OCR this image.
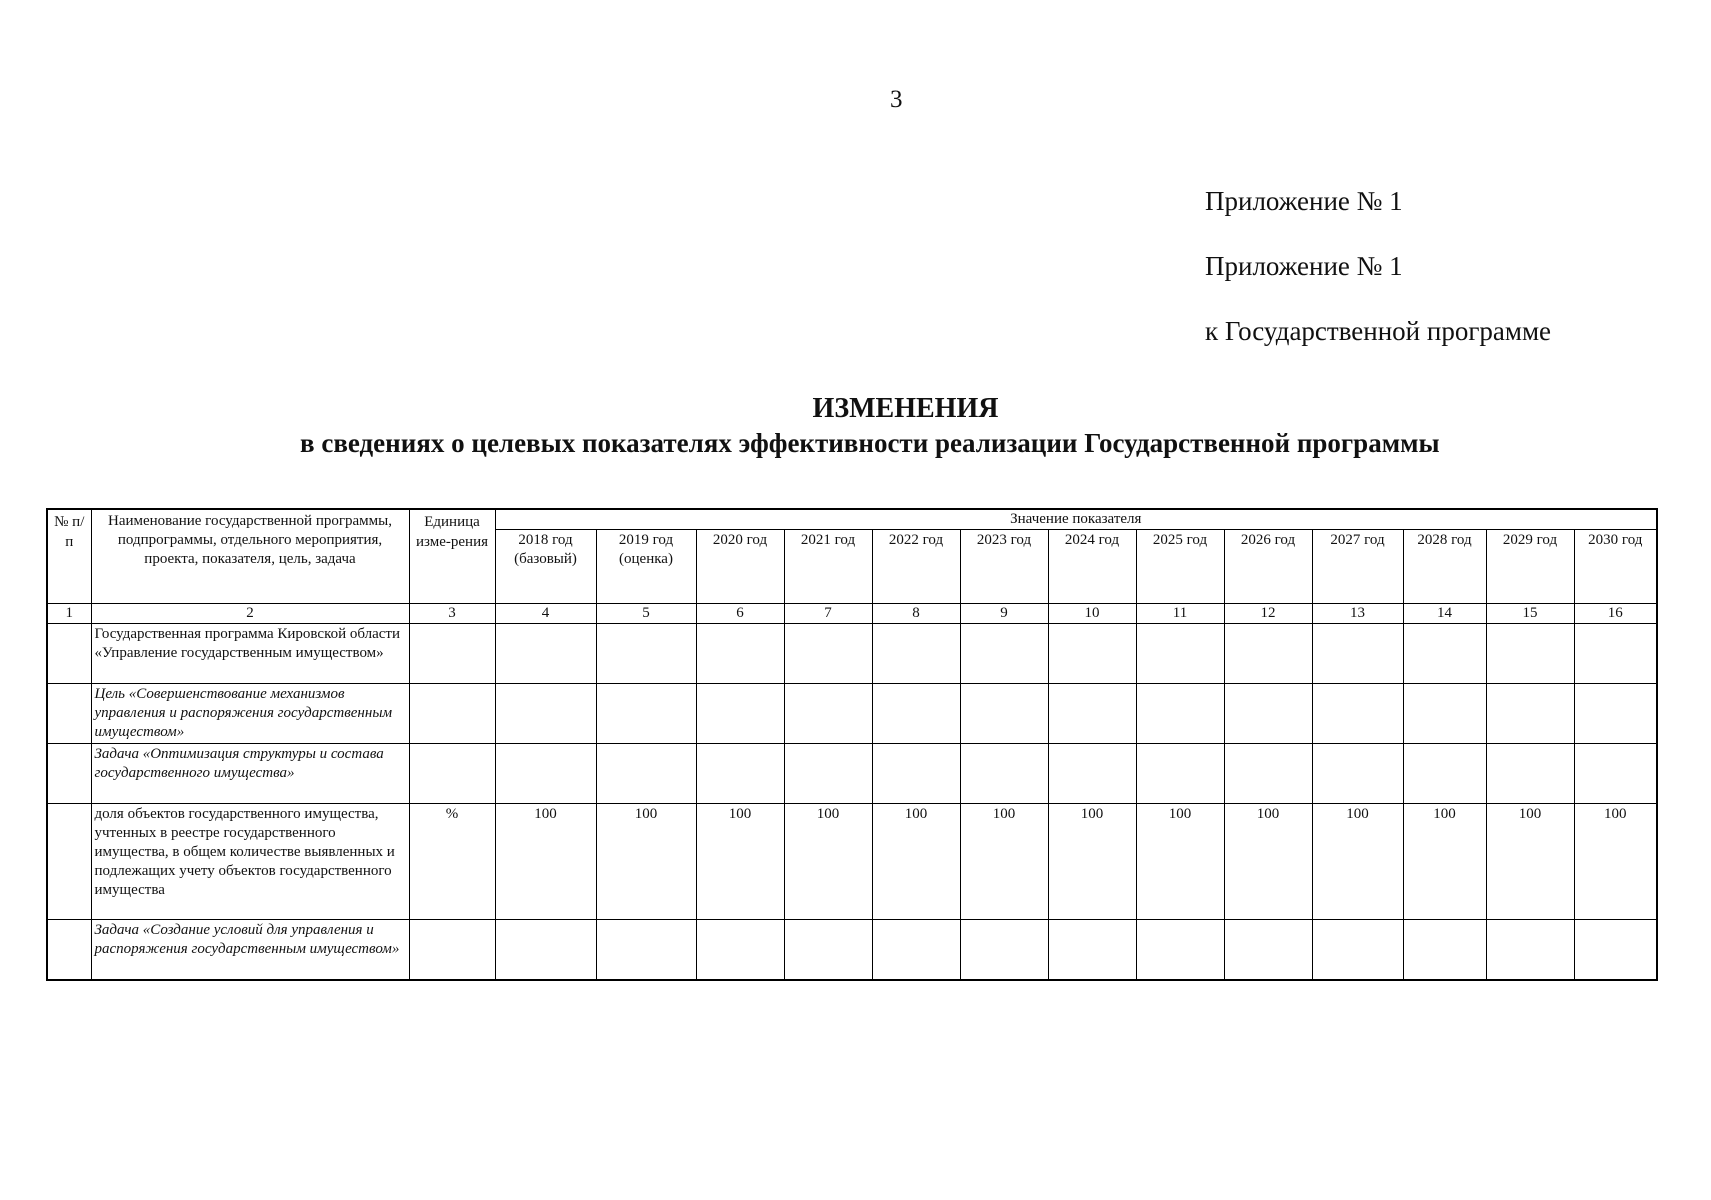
3
Приложение № 1
Приложение № 1
к Государственной программе
ИЗМЕНЕНИЯ
в сведениях о целевых показателях эффективности реализации Государственной программы
№ п/ п	Наименование государственной программы, подпрограммы, отдельного мероприятия, проекта, показателя, цель, задача	Единица изме-рения	Значение показателя												
			2018 год (базовый)	2019 год (оценка)	2020 год	2021 год	2022 год	2023 год	2024 год	2025 год	2026 год	2027 год	2028 год	2029 год	2030 год
1	2	3	4	5	6	7	8	9	10	11	12	13	14	15	16
	Государственная программа Кировской области «Управление государственным имуществом»														
	Цель «Совершенствование механизмов управления и распоряжения государственным имуществом»														
	Задача «Оптимизация структуры и состава государственного имущества»														
	доля объектов государственного имущества, учтенных в реестре государственного имущества, в общем количестве выявленных и подлежащих учету объектов государственного имущества	%	100	100	100	100	100	100	100	100	100	100	100	100	100
	Задача «Создание условий для управления и распоряжения государственным имуществом»														
